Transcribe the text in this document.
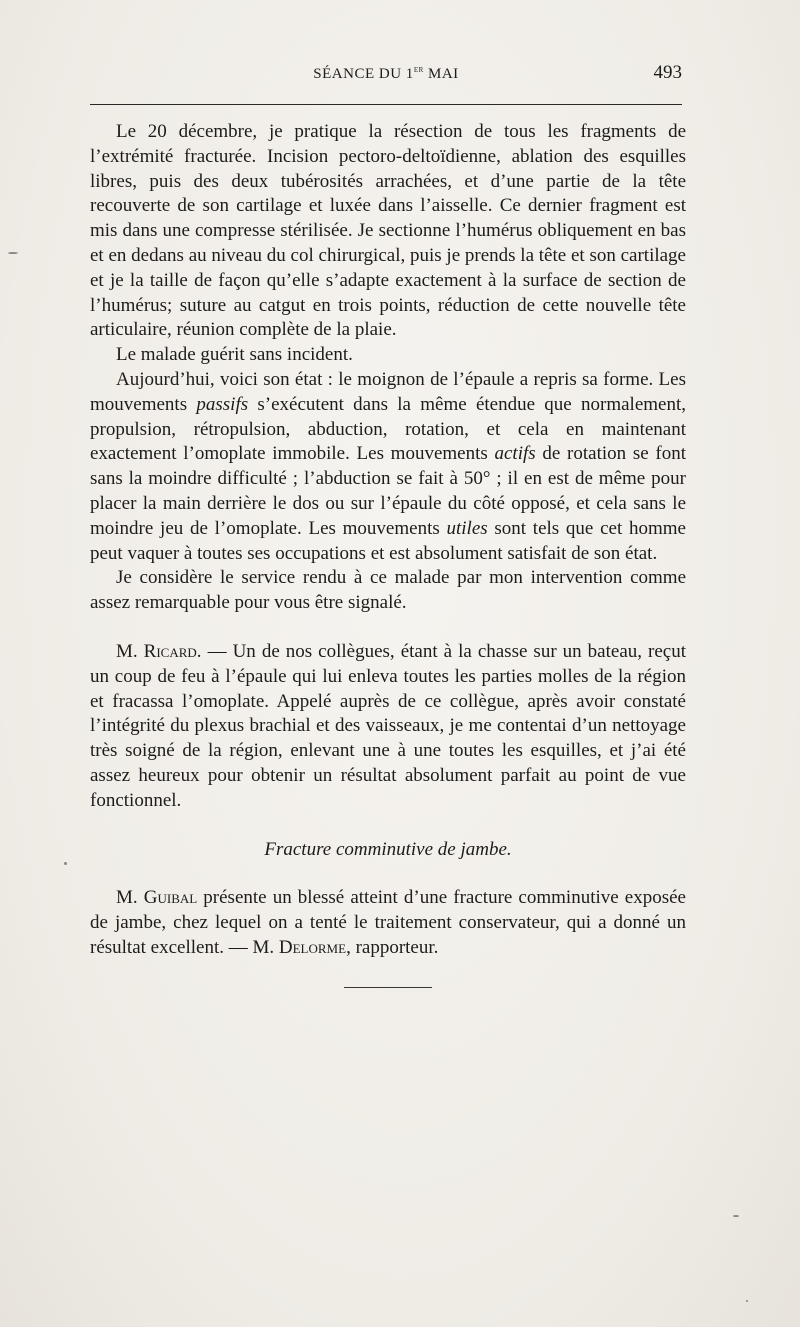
SÉANCE DU 1er MAI	493

Le 20 décembre, je pratique la résection de tous les fragments de l’extrémité fracturée. Incision pectoro-deltoïdienne, ablation des esquilles libres, puis des deux tubérosités arrachées, et d’une partie de la tête recouverte de son cartilage et luxée dans l’aisselle. Ce dernier fragment est mis dans une compresse stérilisée. Je sectionne l’humérus obliquement en bas et en dedans au niveau du col chirurgical, puis je prends la tête et son cartilage et je la taille de façon qu’elle s’adapte exactement à la surface de section de l’humérus; suture au catgut en trois points, réduction de cette nouvelle tête articulaire, réunion complète de la plaie.

Le malade guérit sans incident.

Aujourd’hui, voici son état : le moignon de l’épaule a repris sa forme. Les mouvements passifs s’exécutent dans la même étendue que normalement, propulsion, rétropulsion, abduction, rotation, et cela en maintenant exactement l’omoplate immobile. Les mouvements actifs de rotation se font sans la moindre difficulté ; l’abduction se fait à 50° ; il en est de même pour placer la main derrière le dos ou sur l’épaule du côté opposé, et cela sans le moindre jeu de l’omoplate. Les mouvements utiles sont tels que cet homme peut vaquer à toutes ses occupations et est absolument satisfait de son état.

Je considère le service rendu à ce malade par mon intervention comme assez remarquable pour vous être signalé.

M. Ricard. — Un de nos collègues, étant à la chasse sur un bateau, reçut un coup de feu à l’épaule qui lui enleva toutes les parties molles de la région et fracassa l’omoplate. Appelé auprès de ce collègue, après avoir constaté l’intégrité du plexus brachial et des vaisseaux, je me contentai d’un nettoyage très soigné de la région, enlevant une à une toutes les esquilles, et j’ai été assez heureux pour obtenir un résultat absolument parfait au point de vue fonctionnel.

Fracture comminutive de jambe.

M. Guibal présente un blessé atteint d’une fracture comminutive exposée de jambe, chez lequel on a tenté le traitement conservateur, qui a donné un résultat excellent. — M. Delorme, rapporteur.
